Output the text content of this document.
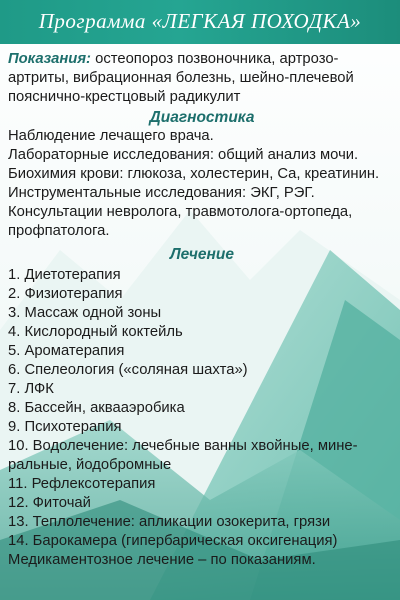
Программа «ЛЕГКАЯ ПОХОДКА»
Показания: остеопороз позвоночника, артрозо-
артриты, вибрационная болезнь, шейно-плечевой
пояснично-крестцовый радикулит
Диагностика
Наблюдение лечащего врача.
Лабораторные исследования: общий анализ мочи.
Биохимия крови: глюкоза, холестерин, Ca, креатинин.
Инструментальные исследования: ЭКГ, РЭГ.
Консультации невролога, травмотолога-ортопеда,
профпатолога.
Лечение
1. Диетотерапия
2. Физиотерапия
3. Массаж одной зоны
4. Кислородный коктейль
5. Ароматерапия
6. Спелеология («соляная шахта»)
7. ЛФК
8. Бассейн, аквааэробика
9. Психотерапия
10. Водолечение: лечебные ванны хвойные, мине-
ральные, йодобромные
11. Рефлексотерапия
12. Фиточай
13. Теплолечение: апликации озокерита, грязи
14. Барокамера (гипербарическая оксигенация)
Медикаментозное лечение – по показаниям.
